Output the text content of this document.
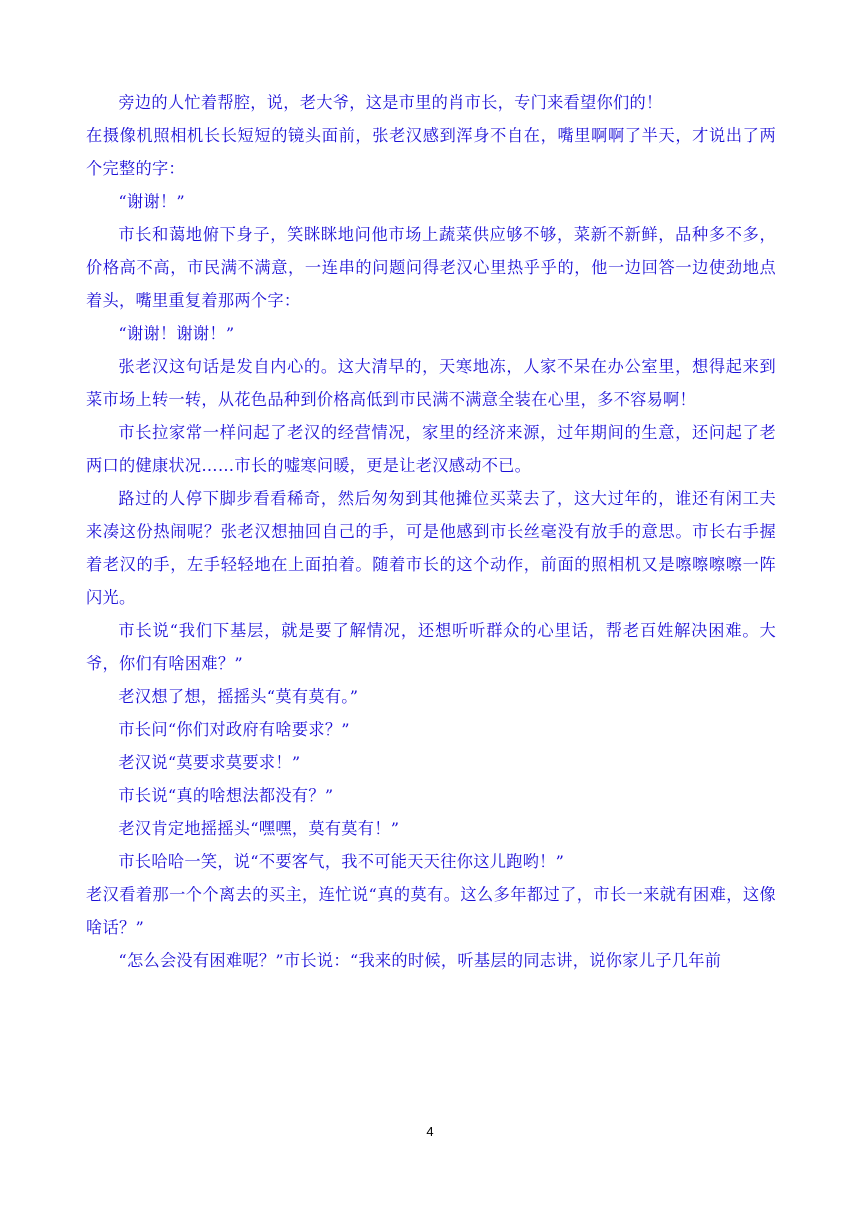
旁边的人忙着帮腔，说，老大爷，这是市里的肖市长，专门来看望你们的！

在摄像机照相机长长短短的镜头面前，张老汉感到浑身不自在，嘴里啊啊了半天，才说出了两个完整的字：

“谢谢！”

市长和蔼地俯下身子，笑眯眯地问他市场上蔬菜供应够不够，菜新不新鲜，品种多不多，价格高不高，市民满不满意，一连串的问题问得老汉心里热乎乎的，他一边回答一边使劲地点着头，嘴里重复着那两个字：

“谢谢！谢谢！”

张老汉这句话是发自内心的。这大清早的，天寒地冻，人家不呆在办公室里，想得起来到菜市场上转一转，从花色品种到价格高低到市民满不满意全装在心里，多不容易啊！

市长拉家常一样问起了老汉的经营情况，家里的经济来源，过年期间的生意，还问起了老两口的健康状况……市长的嘘寒问暖，更是让老汉感动不已。

路过的人停下脚步看看稀奇，然后匆匆到其他摊位买菜去了，这大过年的，谁还有闲工夫来凑这份热闹呢？张老汉想抽回自己的手，可是他感到市长丝毫没有放手的意思。市长右手握着老汉的手，左手轻轻地在上面拍着。随着市长的这个动作，前面的照相机又是嚓嚓嚓嚓一阵闪光。

市长说“我们下基层，就是要了解情况，还想听听群众的心里话，帮老百姓解决困难。大爷，你们有啥困难？”

老汉想了想，摇摇头“莫有莫有。”

市长问“你们对政府有啥要求？”

老汉说“莫要求莫要求！”

市长说“真的啥想法都没有？”

老汉肯定地摇摇头“嘿嘿，莫有莫有！”

市长哈哈一笑，说“不要客气，我不可能天天往你这儿跑哟！”

老汉看着那一个个离去的买主，连忙说“真的莫有。这么多年都过了，市长一来就有困难，这像啥话？”

“怎么会没有困难呢？”市长说：“我来的时候，听基层的同志讲，说你家儿子几年前

4
